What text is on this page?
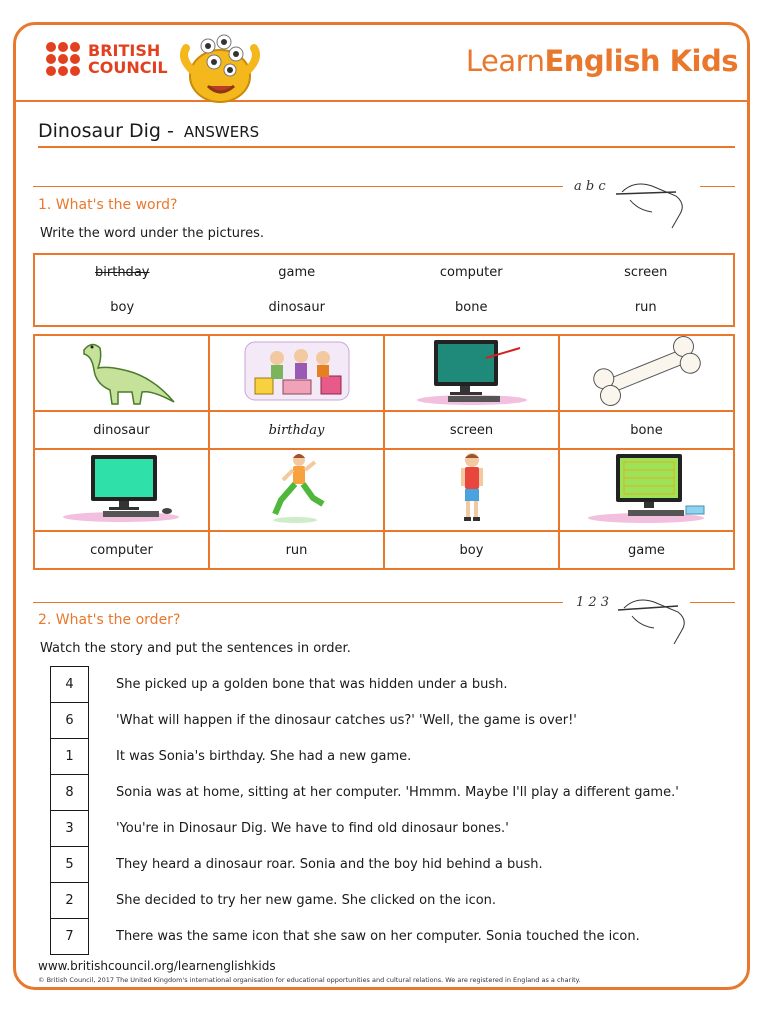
BRITISH
COUNCIL	LearnEnglish Kids
Dinosaur Dig - ANSWERS
a b c
1. What's the word?
Write the word under the pictures.
birthday	game	computer	screen
boy	dinosaur	bone	run

dinosaur	birthday	screen	bone

computer	run	boy	game
1 2 3
2. What's the order?
Watch the story and put the sentences in order.
4	She picked up a golden bone that was hidden under a bush.
6	'What will happen if the dinosaur catches us?' 'Well, the game is over!'
1	It was Sonia's birthday. She had a new game.
8	Sonia was at home, sitting at her computer. 'Hmmm. Maybe I'll play a different game.'
3	'You're in Dinosaur Dig. We have to find old dinosaur bones.'
5	They heard a dinosaur roar. Sonia and the boy hid behind a bush.
2	She decided to try her new game. She clicked on the icon.
7	There was the same icon that she saw on her computer. Sonia touched the icon.
www.britishcouncil.org/learnenglishkids
© British Council, 2017 The United Kingdom's international organisation for educational opportunities and cultural relations. We are registered in England as a charity.
